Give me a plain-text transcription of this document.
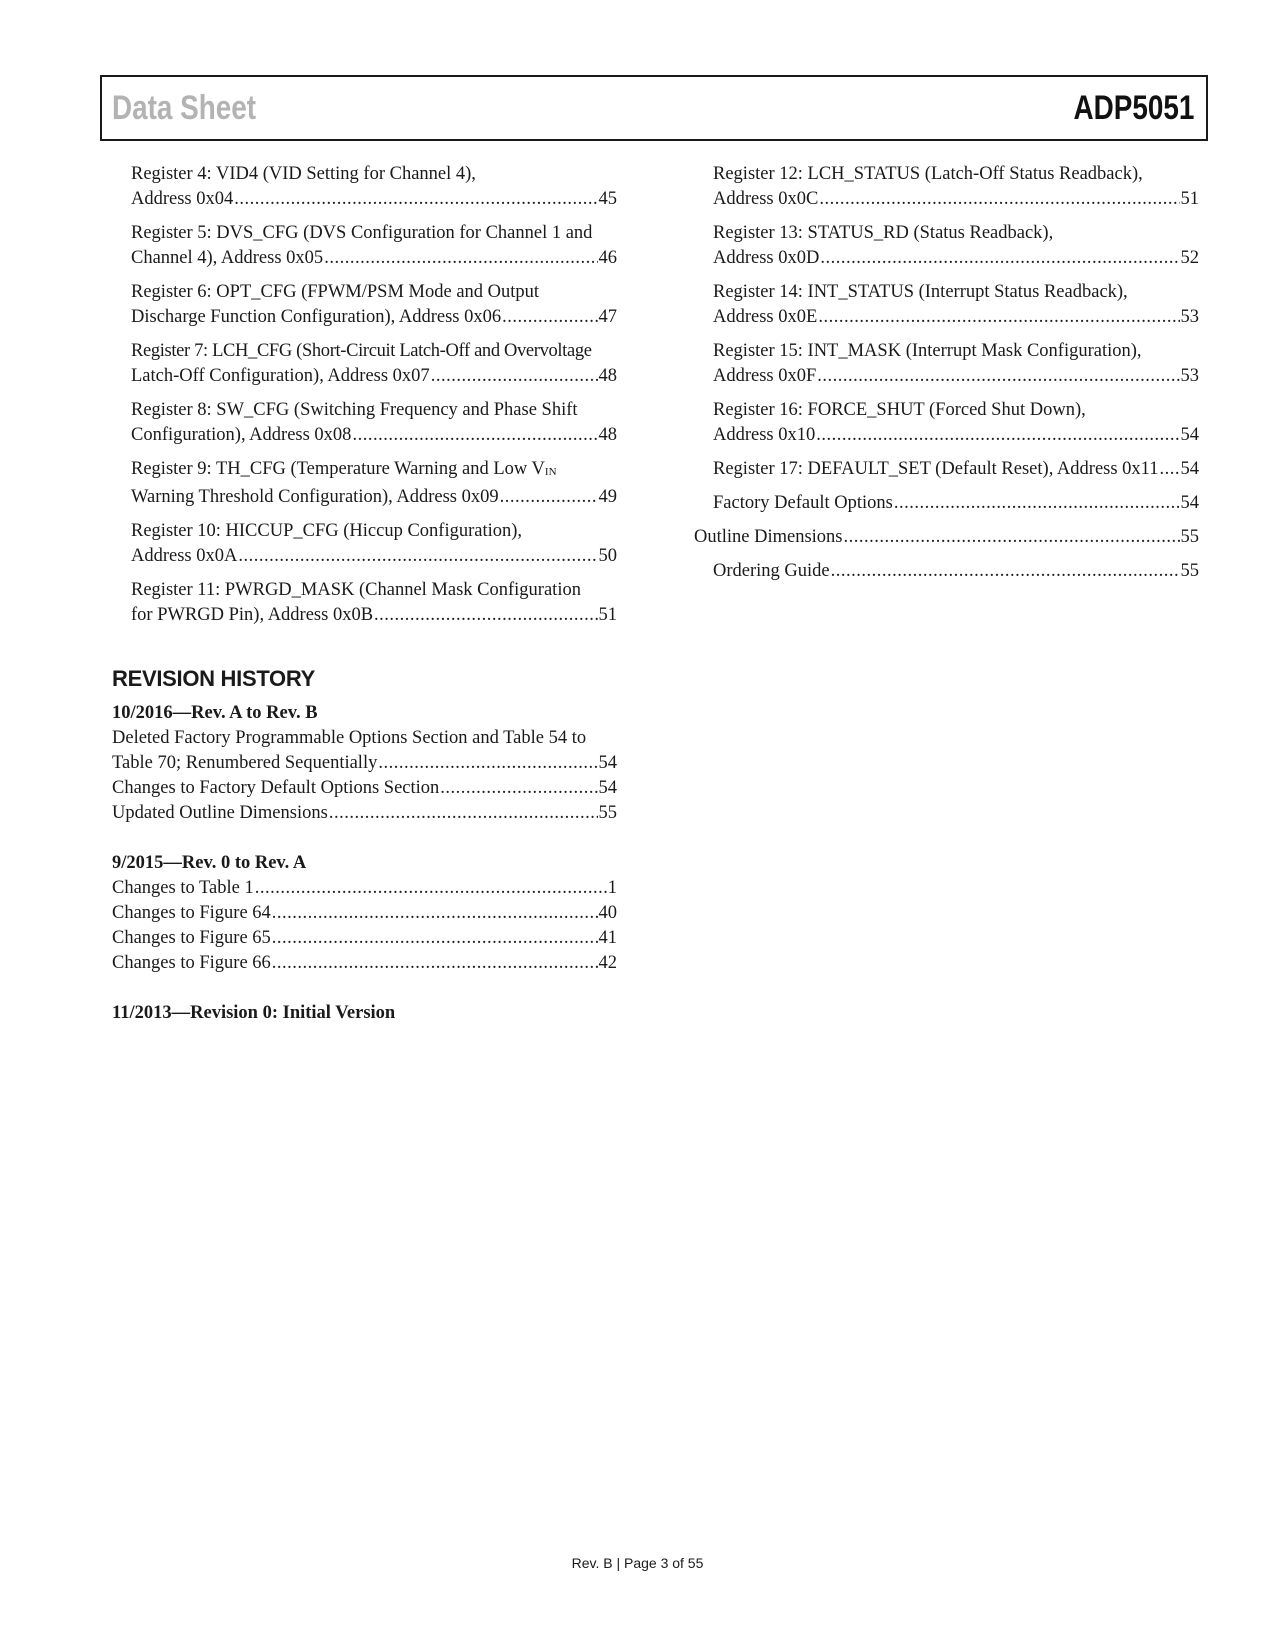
Data Sheet	ADP5051
Register 4: VID4 (VID Setting for Channel 4),
Address 0x04 .....	45
Register 5: DVS_CFG (DVS Configuration for Channel 1 and
Channel 4), Address 0x05 .....	46
Register 6: OPT_CFG (FPWM/PSM Mode and Output
Discharge Function Configuration), Address 0x06 .....	47
Register 7: LCH_CFG (Short-Circuit Latch-Off and Overvoltage
Latch-Off Configuration), Address 0x07 .....	48
Register 8: SW_CFG (Switching Frequency and Phase Shift
Configuration), Address 0x08 .....	48
Register 9: TH_CFG (Temperature Warning and Low $V_{IN}$
Warning Threshold Configuration), Address 0x09 .....	49
Register 10: HICCUP_CFG (Hiccup Configuration),
Address 0x0A .....	50
Register 11: PWRGD_MASK (Channel Mask Configuration
for PWRGD Pin), Address 0x0B .....	51
REVISION HISTORY
10/2016—Rev. A to Rev. B
Deleted Factory Programmable Options Section and Table 54 to
Table 70; Renumbered Sequentially .....	54
Changes to Factory Default Options Section .....	54
Updated Outline Dimensions .....	55
9/2015—Rev. 0 to Rev. A
Changes to Table 1 .....	1
Changes to Figure 64 .....	40
Changes to Figure 65 .....	41
Changes to Figure 66 .....	42
11/2013—Revision 0: Initial Version
Register 12: LCH_STATUS (Latch-Off Status Readback),
Address 0x0C .....	51
Register 13: STATUS_RD (Status Readback),
Address 0x0D .....	52
Register 14: INT_STATUS (Interrupt Status Readback),
Address 0x0E .....	53
Register 15: INT_MASK (Interrupt Mask Configuration),
Address 0x0F .....	53
Register 16: FORCE_SHUT (Forced Shut Down),
Address 0x10 .....	54
Register 17: DEFAULT_SET (Default Reset), Address 0x11 ..... 54
Factory Default Options .....	54
Outline Dimensions .....	55
Ordering Guide .....	55
Rev. B | Page 3 of 55
